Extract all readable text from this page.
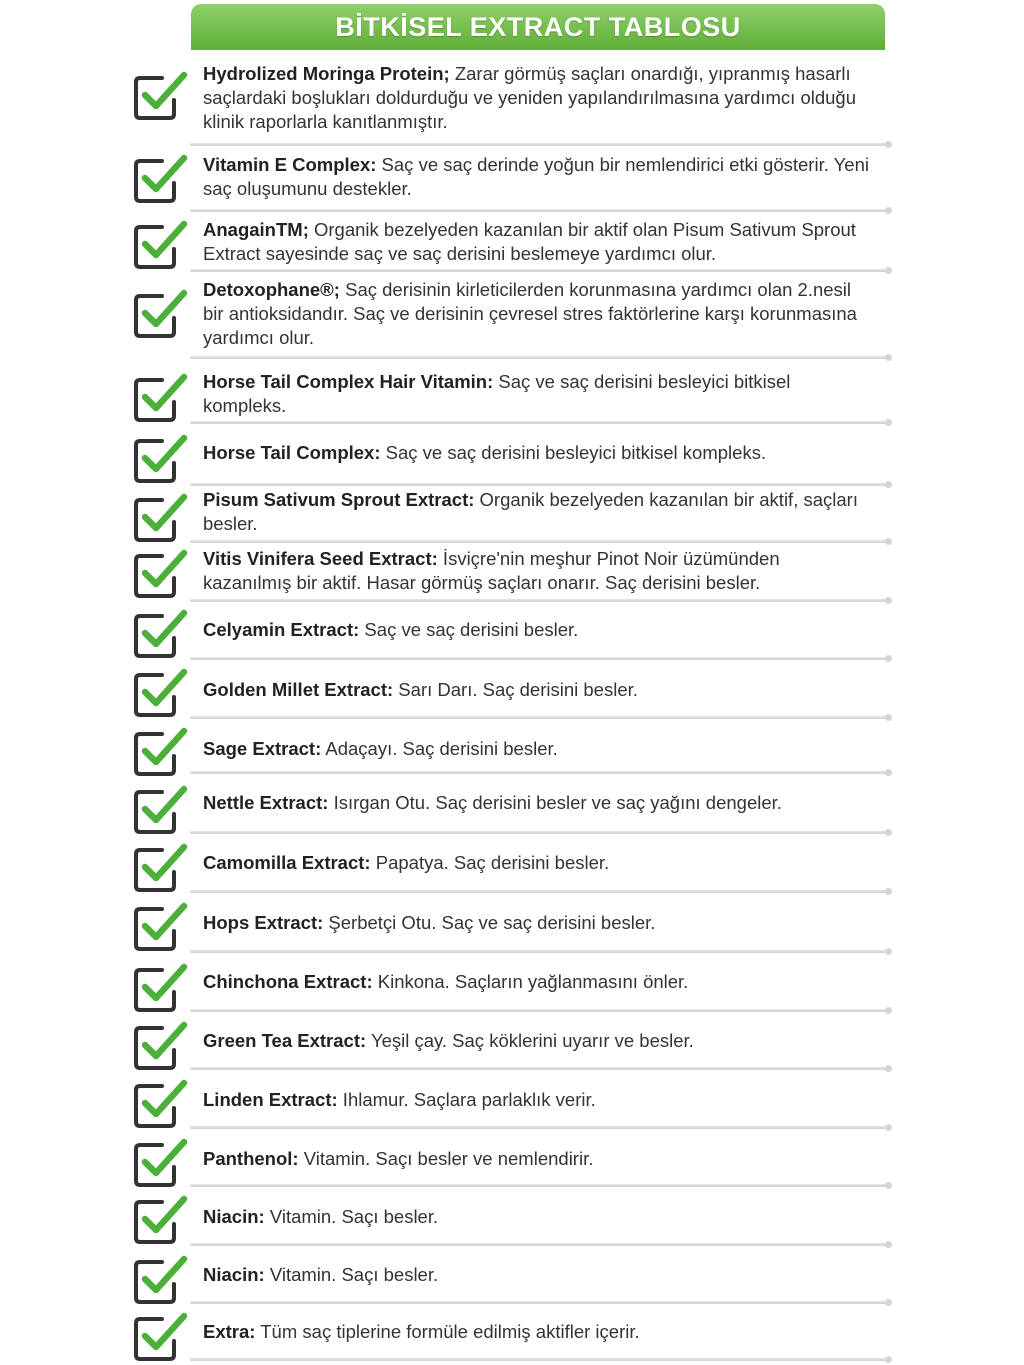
BİTKİSEL EXTRACT TABLOSU
Hydrolized Moringa Protein; Zarar görmüş saçları onardığı, yıpranmış hasarlı saçlardaki boşlukları doldurduğu ve yeniden yapılandırılmasına yardımcı olduğu klinik raporlarla kanıtlanmıştır.
Vitamin E Complex: Saç ve saç derinde yoğun bir nemlendirici etki gösterir. Yeni saç oluşumunu destekler.
AnagainTM; Organik bezelyeden kazanılan bir aktif olan Pisum Sativum Sprout Extract sayesinde saç ve saç derisini beslemeye yardımcı olur.
Detoxophane®; Saç derisinin kirleticilerden korunmasına yardımcı olan 2.nesil bir antioksidandır. Saç ve derisinin çevresel stres faktörlerine karşı korunmasına yardımcı olur.
Horse Tail Complex Hair Vitamin: Saç ve saç derisini besleyici bitkisel kompleks.
Horse Tail Complex: Saç ve saç derisini besleyici bitkisel kompleks.
Pisum Sativum Sprout Extract: Organik bezelyeden kazanılan bir aktif, saçları besler.
Vitis Vinifera Seed Extract: İsviçre'nin meşhur Pinot Noir üzümünden kazanılmış bir aktif. Hasar görmüş saçları onarır. Saç derisini besler.
Celyamin Extract: Saç ve saç derisini besler.
Golden Millet Extract: Sarı Darı. Saç derisini besler.
Sage Extract: Adaçayı. Saç derisini besler.
Nettle Extract: Isırgan Otu. Saç derisini besler ve saç yağını dengeler.
Camomilla Extract: Papatya. Saç derisini besler.
Hops Extract: Şerbetçi Otu. Saç ve saç derisini besler.
Chinchona Extract: Kinkona. Saçların yağlanmasını önler.
Green Tea Extract: Yeşil çay. Saç köklerini uyarır ve besler.
Linden Extract: Ihlamur. Saçlara parlaklık verir.
Panthenol: Vitamin. Saçı besler ve nemlendirir.
Niacin: Vitamin. Saçı besler.
Niacin: Vitamin. Saçı besler.
Extra: Tüm saç tiplerine formüle edilmiş aktifler içerir.
